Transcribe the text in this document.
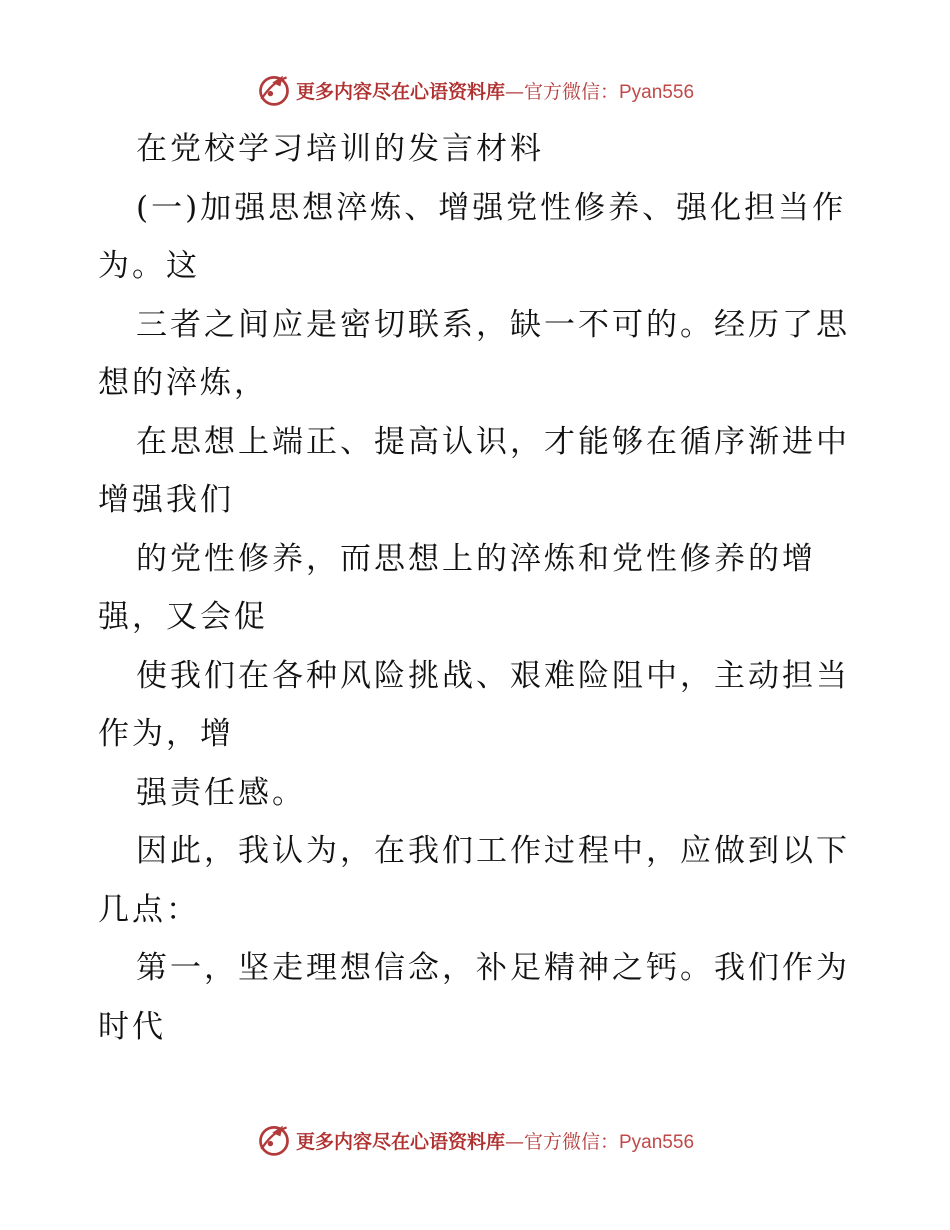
更多内容尽在心语资料库—官方微信：Pyan556
在党校学习培训的发言材料
(一)加强思想淬炼、增强党性修养、强化担当作
为。这
三者之间应是密切联系，缺一不可的。经历了思
想的淬炼，
在思想上端正、提高认识，才能够在循序渐进中
增强我们
的党性修养，而思想上的淬炼和党性修养的增
强，又会促
使我们在各种风险挑战、艰难险阻中，主动担当
作为，增
强责任感。
因此，我认为，在我们工作过程中，应做到以下
几点：
第一，坚走理想信念，补足精神之钙。我们作为
时代
更多内容尽在心语资料库—官方微信：Pyan556
